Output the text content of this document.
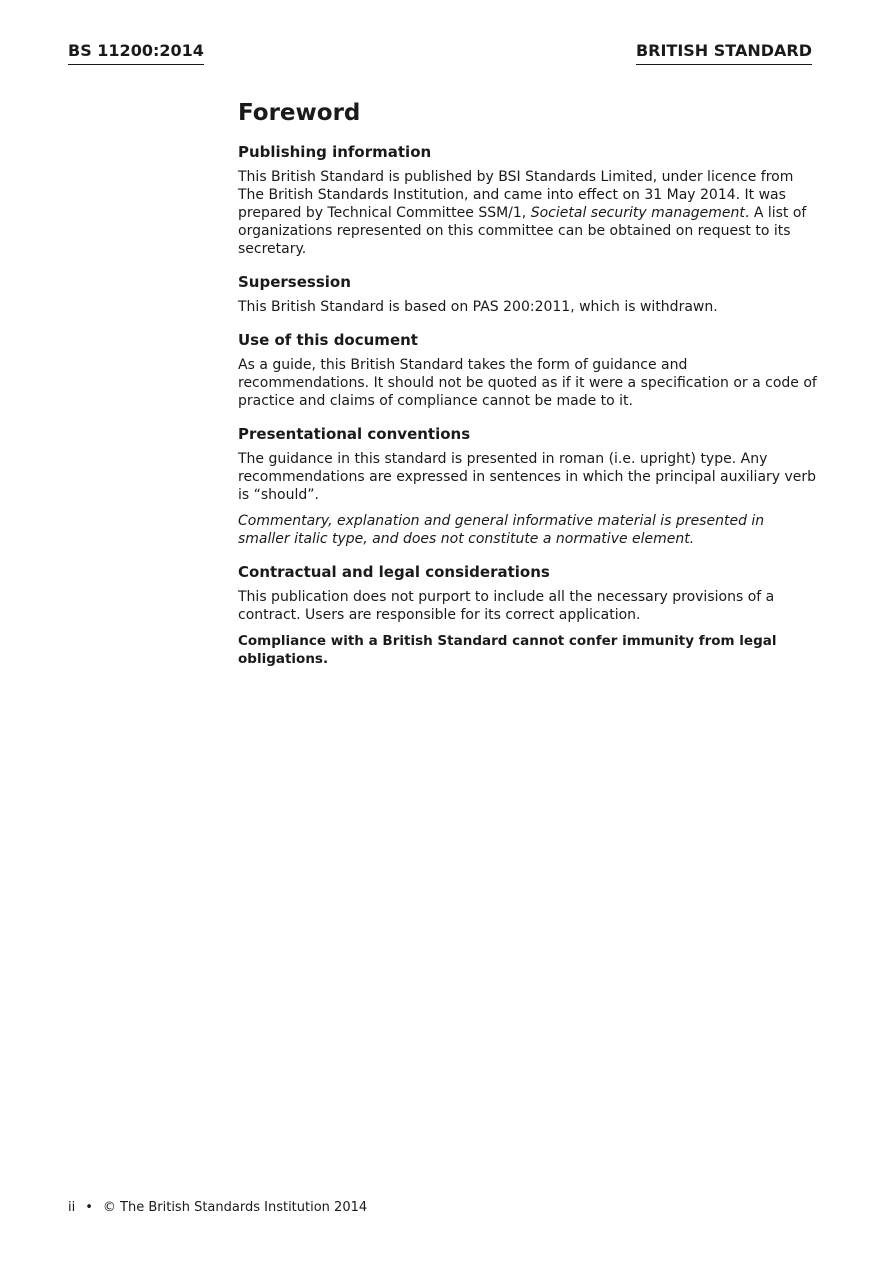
BS 11200:2014	BRITISH STANDARD
Foreword
Publishing information
This British Standard is published by BSI Standards Limited, under licence from The British Standards Institution, and came into effect on 31 May 2014. It was prepared by Technical Committee SSM/1, Societal security management. A list of organizations represented on this committee can be obtained on request to its secretary.
Supersession
This British Standard is based on PAS 200:2011, which is withdrawn.
Use of this document
As a guide, this British Standard takes the form of guidance and recommendations. It should not be quoted as if it were a specification or a code of practice and claims of compliance cannot be made to it.
Presentational conventions
The guidance in this standard is presented in roman (i.e. upright) type. Any recommendations are expressed in sentences in which the principal auxiliary verb is “should”.
Commentary, explanation and general informative material is presented in smaller italic type, and does not constitute a normative element.
Contractual and legal considerations
This publication does not purport to include all the necessary provisions of a contract. Users are responsible for its correct application.
Compliance with a British Standard cannot confer immunity from legal obligations.
ii • © The British Standards Institution 2014
